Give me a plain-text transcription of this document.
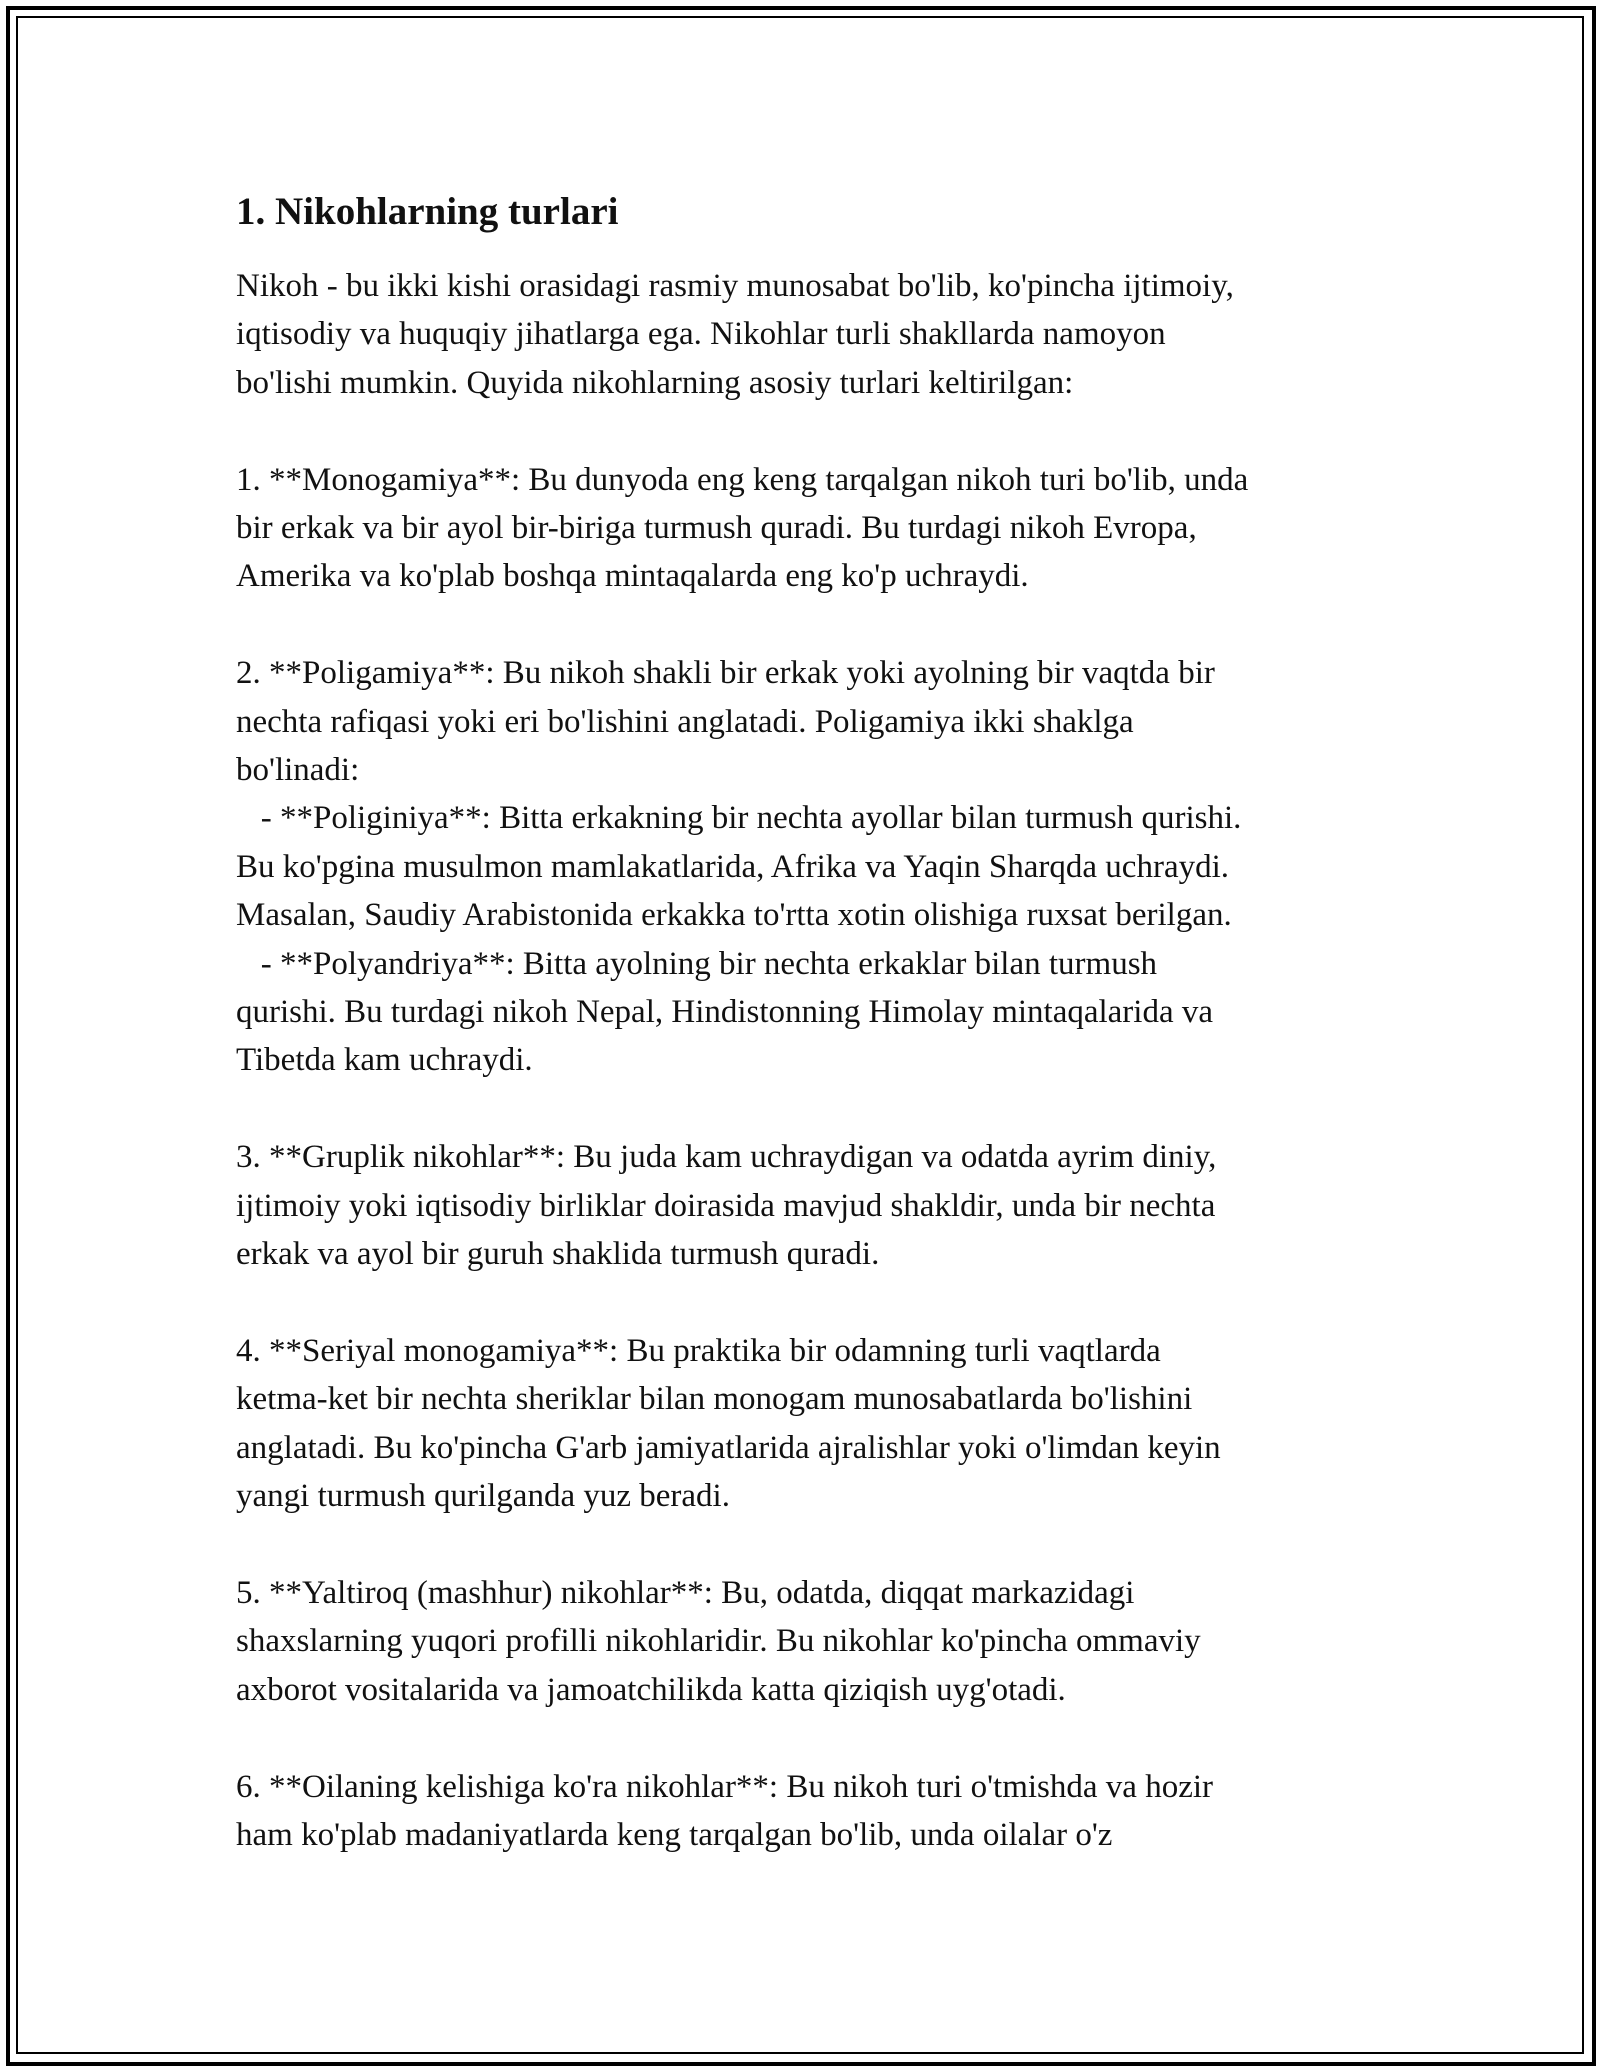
1. Nikohlarning turlari

Nikoh - bu ikki kishi orasidagi rasmiy munosabat bo'lib, ko'pincha ijtimoiy,
iqtisodiy va huquqiy jihatlarga ega. Nikohlar turli shakllarda namoyon
bo'lishi mumkin. Quyida nikohlarning asosiy turlari keltirilgan:

1. **Monogamiya**: Bu dunyoda eng keng tarqalgan nikoh turi bo'lib, unda
bir erkak va bir ayol bir-biriga turmush quradi. Bu turdagi nikoh Evropa,
Amerika va ko'plab boshqa mintaqalarda eng ko'p uchraydi.

2. **Poligamiya**: Bu nikoh shakli bir erkak yoki ayolning bir vaqtda bir
nechta rafiqasi yoki eri bo'lishini anglatadi. Poligamiya ikki shaklga
bo'linadi:
- **Poliginiya**: Bitta erkakning bir nechta ayollar bilan turmush qurishi.
Bu ko'pgina musulmon mamlakatlarida, Afrika va Yaqin Sharqda uchraydi.
Masalan, Saudiy Arabistonida erkakka to'rtta xotin olishiga ruxsat berilgan.
- **Polyandriya**: Bitta ayolning bir nechta erkaklar bilan turmush
qurishi. Bu turdagi nikoh Nepal, Hindistonning Himolay mintaqalarida va
Tibetda kam uchraydi.

3. **Gruplik nikohlar**: Bu juda kam uchraydigan va odatda ayrim diniy,
ijtimoiy yoki iqtisodiy birliklar doirasida mavjud shakldir, unda bir nechta
erkak va ayol bir guruh shaklida turmush quradi.

4. **Seriyal monogamiya**: Bu praktika bir odamning turli vaqtlarda
ketma-ket bir nechta sheriklar bilan monogam munosabatlarda bo'lishini
anglatadi. Bu ko'pincha G'arb jamiyatlarida ajralishlar yoki o'limdan keyin
yangi turmush qurilganda yuz beradi.

5. **Yaltiroq (mashhur) nikohlar**: Bu, odatda, diqqat markazidagi
shaxslarning yuqori profilli nikohlaridir. Bu nikohlar ko'pincha ommaviy
axborot vositalarida va jamoatchilikda katta qiziqish uyg'otadi.

6. **Oilaning kelishiga ko'ra nikohlar**: Bu nikoh turi o'tmishda va hozir
ham ko'plab madaniyatlarda keng tarqalgan bo'lib, unda oilalar o'z
